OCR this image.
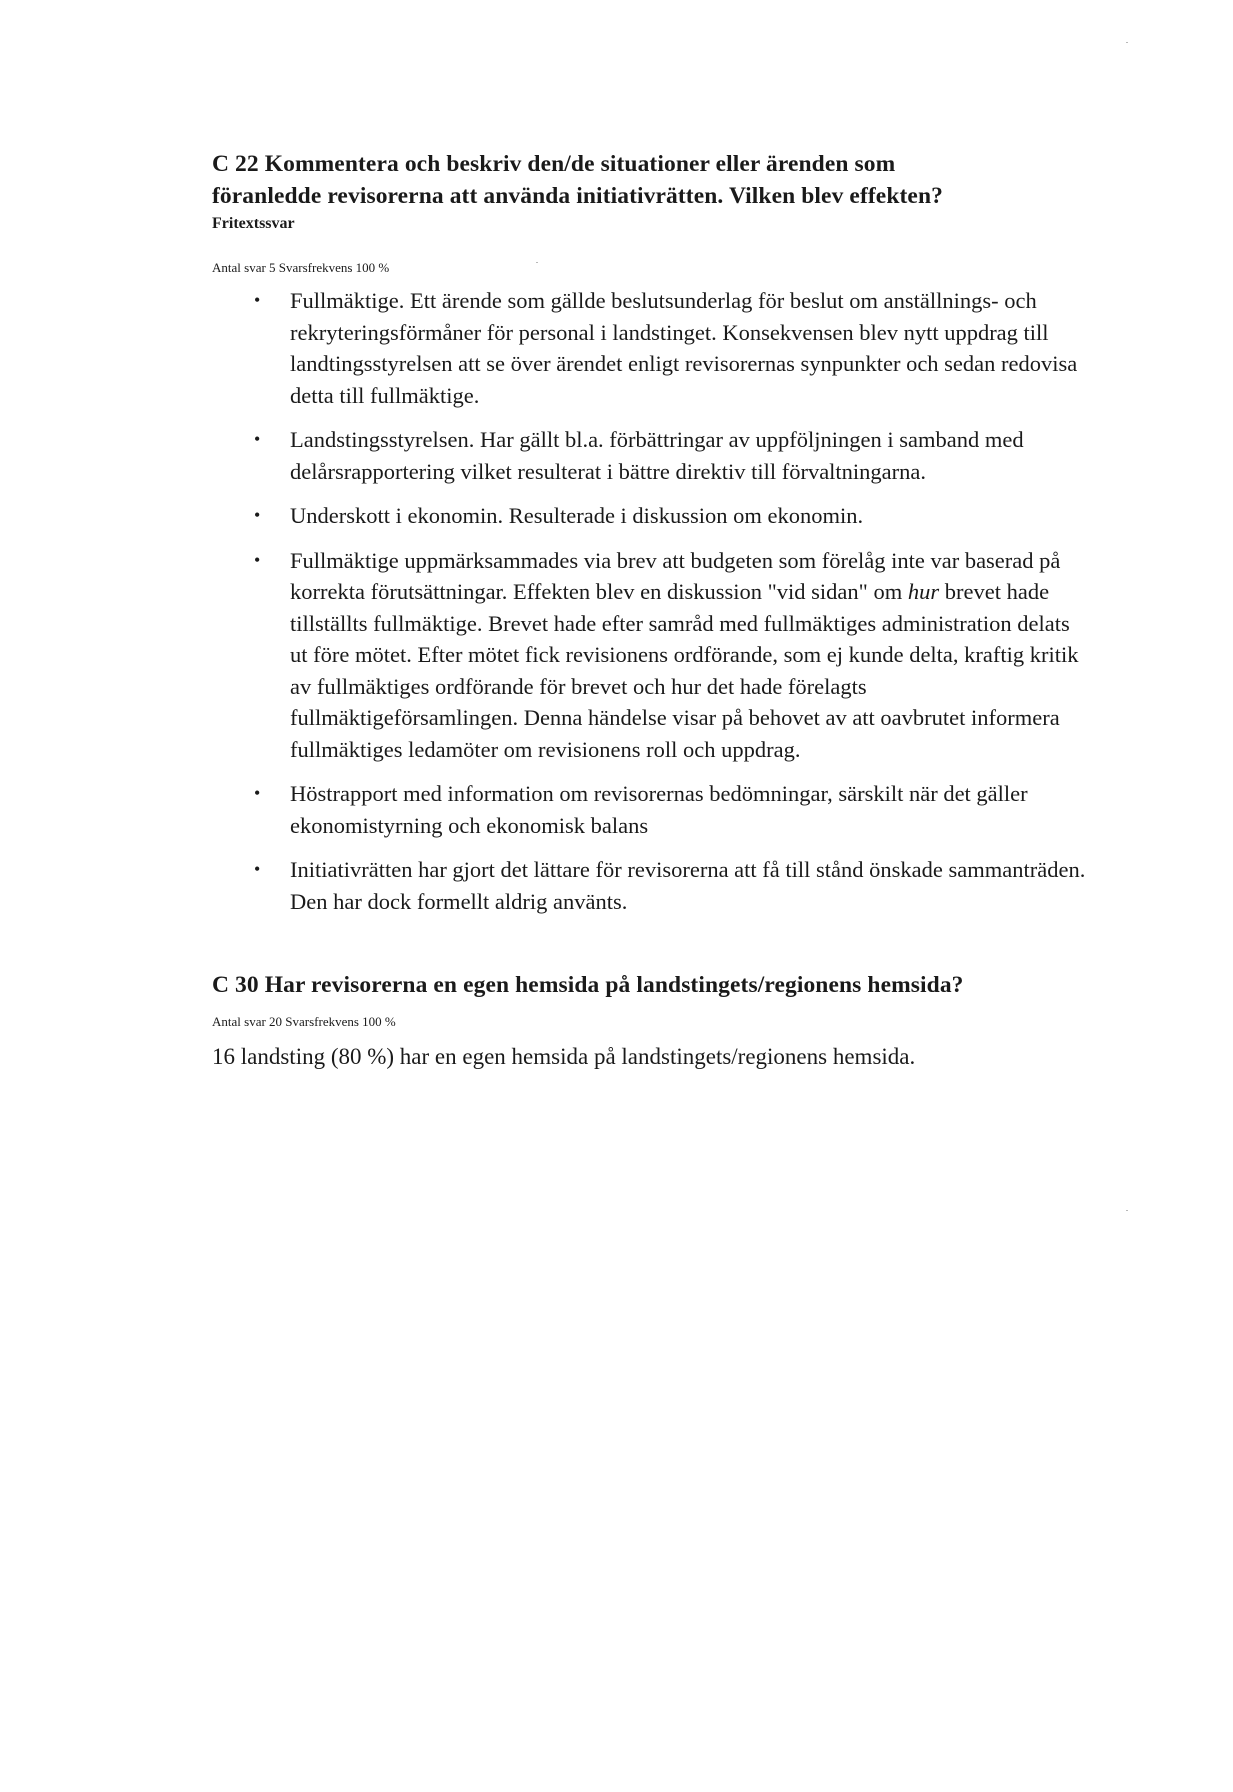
C 22 Kommentera och beskriv den/de situationer eller ärenden som
föranledde revisorerna att använda initiativrätten. Vilken blev effekten?

Fritextssvar

Antal svar 5 Svarsfrekvens 100 %

• Fullmäktige. Ett ärende som gällde beslutsunderlag för beslut om anställnings- och rekryteringsförmåner för personal i landstinget. Konsekvensen blev nytt uppdrag till landtingsstyrelsen att se över ärendet enligt revisorernas synpunkter och sedan redovisa detta till fullmäktige.
• Landstingsstyrelsen. Har gällt bl.a. förbättringar av uppföljningen i samband med delårsrapportering vilket resulterat i bättre direktiv till förvaltningarna.
• Underskott i ekonomin. Resulterade i diskussion om ekonomin.
• Fullmäktige uppmärksammades via brev att budgeten som förelåg inte var baserad på korrekta förutsättningar. Effekten blev en diskussion "vid sidan" om hur brevet hade tillställts fullmäktige. Brevet hade efter samråd med fullmäktiges administration delats ut före mötet. Efter mötet fick revisionens ordförande, som ej kunde delta, kraftig kritik av fullmäktiges ordförande för brevet och hur det hade förelagts fullmäktigeförsamlingen. Denna händelse visar på behovet av att oavbrutet informera fullmäktiges ledamöter om revisionens roll och uppdrag.
• Höstrapport med information om revisorernas bedömningar, särskilt när det gäller ekonomistyrning och ekonomisk balans
• Initiativrätten har gjort det lättare för revisorerna att få till stånd önskade sammanträden. Den har dock formellt aldrig använts.
C 30 Har revisorerna en egen hemsida på landstingets/regionens hemsida?

Antal svar 20 Svarsfrekvens 100 %

16 landsting (80 %) har en egen hemsida på landstingets/regionens hemsida.
